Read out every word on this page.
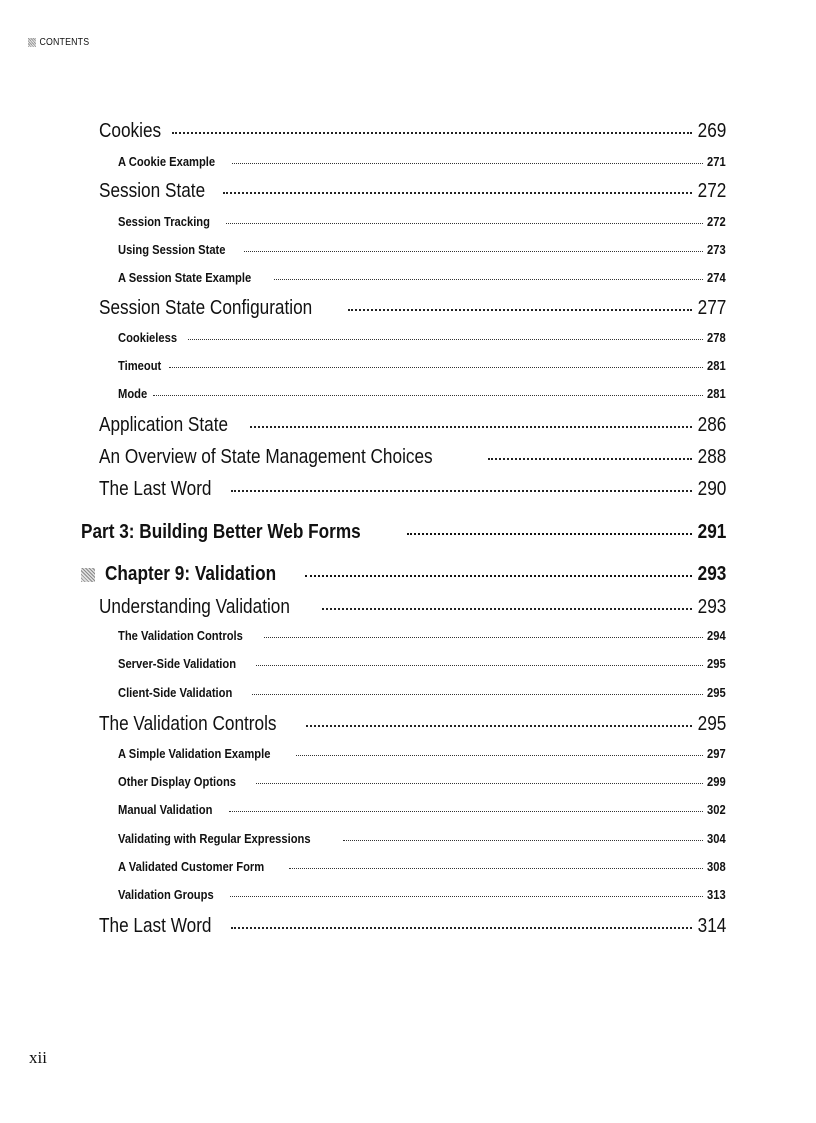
CONTENTS
Cookies	269
A Cookie Example	271
Session State	272
Session Tracking	272
Using Session State	273
A Session State Example	274
Session State Configuration	277
Cookieless	278
Timeout	281
Mode	281
Application State	286
An Overview of State Management Choices	288
The Last Word	290
Part 3: Building Better Web Forms	291
Chapter 9: Validation	293
Understanding Validation	293
The Validation Controls	294
Server-Side Validation	295
Client-Side Validation	295
The Validation Controls	295
A Simple Validation Example	297
Other Display Options	299
Manual Validation	302
Validating with Regular Expressions	304
A Validated Customer Form	308
Validation Groups	313
The Last Word	314
xii
